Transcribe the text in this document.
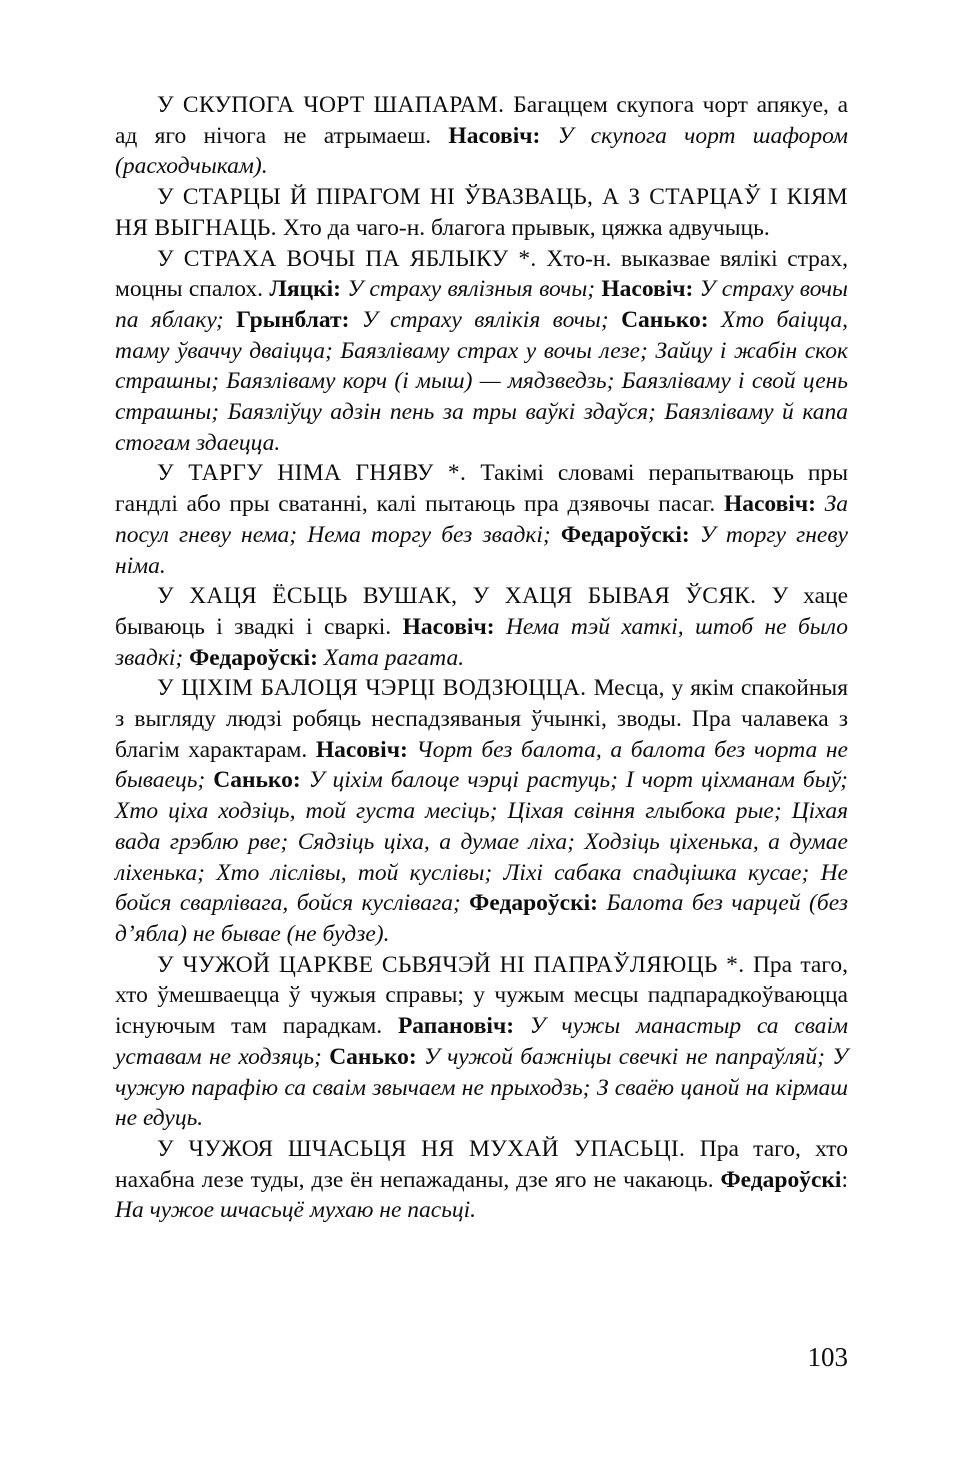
У СКУПОГА ЧОРТ ШАПАРАМ. Багаццем скупога чорт апякуе, а ад яго нічога не атрымаеш. Насовіч: У скупога чорт шафором (расходчыкам).

У СТАРЦЫ Й ПІРАГОМ НІ ЎВАЗВАЦЬ, А З СТАРЦАЎ І КІЯМ НЯ ВЫГНАЦЬ. Хто да чаго-н. благога прывык, цяжка адвучыць.

У СТРАХА ВОЧЫ ПА ЯБЛЫКУ *. Хто-н. выказвае вялікі страх, моцны спалох. Ляцкі: У страху вялізныя вочы; Насовіч: У страху вочы па яблаку; Грынблат: У страху вялікія вочы; Санько: Хто баіцца, таму ўваччу дваіцца; Баязліваму страх у вочы лезе; Зайцу і жабін скок страшны; Баязліваму корч (і мыш) — мядзведзь; Баязліваму і свой цень страшны; Баязліўцу адзін пень за тры ваўкі здаўся; Баязліваму й капа стогам здаецца.

У ТАРГУ НІМА ГНЯВУ *. Такімі словамі перапытваюць пры гандлі або пры сватанні, калі пытаюць пра дзявочы пасаг. Насовіч: За посул гневу нема; Нема торгу без звадкі; Федароўскі: У торгу гневу німа.

У ХАЦЯ ЁСЬЦЬ ВУШАК, У ХАЦЯ БЫВАЯ ЎСЯК. У хаце бываюць і звадкі і сваркі. Насовіч: Нема тэй хаткі, штоб не было звадкі; Федароўскі: Хата рагата.

У ЦІХІМ БАЛОЦЯ ЧЭРЦІ ВОДЗЮЦЦА. Месца, у якім спакойныя з выгляду людзі робяць неспадзяваныя ўчынкі, зводы. Пра чалавека з благім характарам. Насовіч: Чорт без балота, а балота без чорта не бываець; Санько: У ціхім балоце чэрці растуць; І чорт ціхманам быў; Хто ціха ходзіць, той густа месіць; Ціхая свіння глыбока рые; Ціхая вада грэблю рве; Сядзіць ціха, а думае ліха; Ходзіць ціхенька, а думае ліхенька; Хто ліслівы, той куслівы; Ліхі сабака спадцішка кусае; Не бойся сварлівага, бойся куслівага; Федароўскі: Балота без чарцей (без д’ябла) не бывае (не будзе).

У ЧУЖОЙ ЦАРКВЕ СЬВЯЧЭЙ НІ ПАПРАЎЛЯЮЦЬ *. Пра таго, хто ўмешваецца ў чужыя справы; у чужым месцы падпарадкоўваюцца існуючым там парадкам. Рапановіч: У чужы манастыр са сваім уставам не ходзяць; Санько: У чужой бажніцы свечкі не папраўляй; У чужую парафію са сваім звычаем не прыходзь; З сваёю цаной на кірмаш не едуць.

У ЧУЖОЯ ШЧАСЬЦЯ НЯ МУХАЙ УПАСЬЦІ. Пра таго, хто нахабна лезе туды, дзе ён непажаданы, дзе яго не чакаюць. Федароўскі: На чужое шчасьцё мухаю не пасьці.

103
